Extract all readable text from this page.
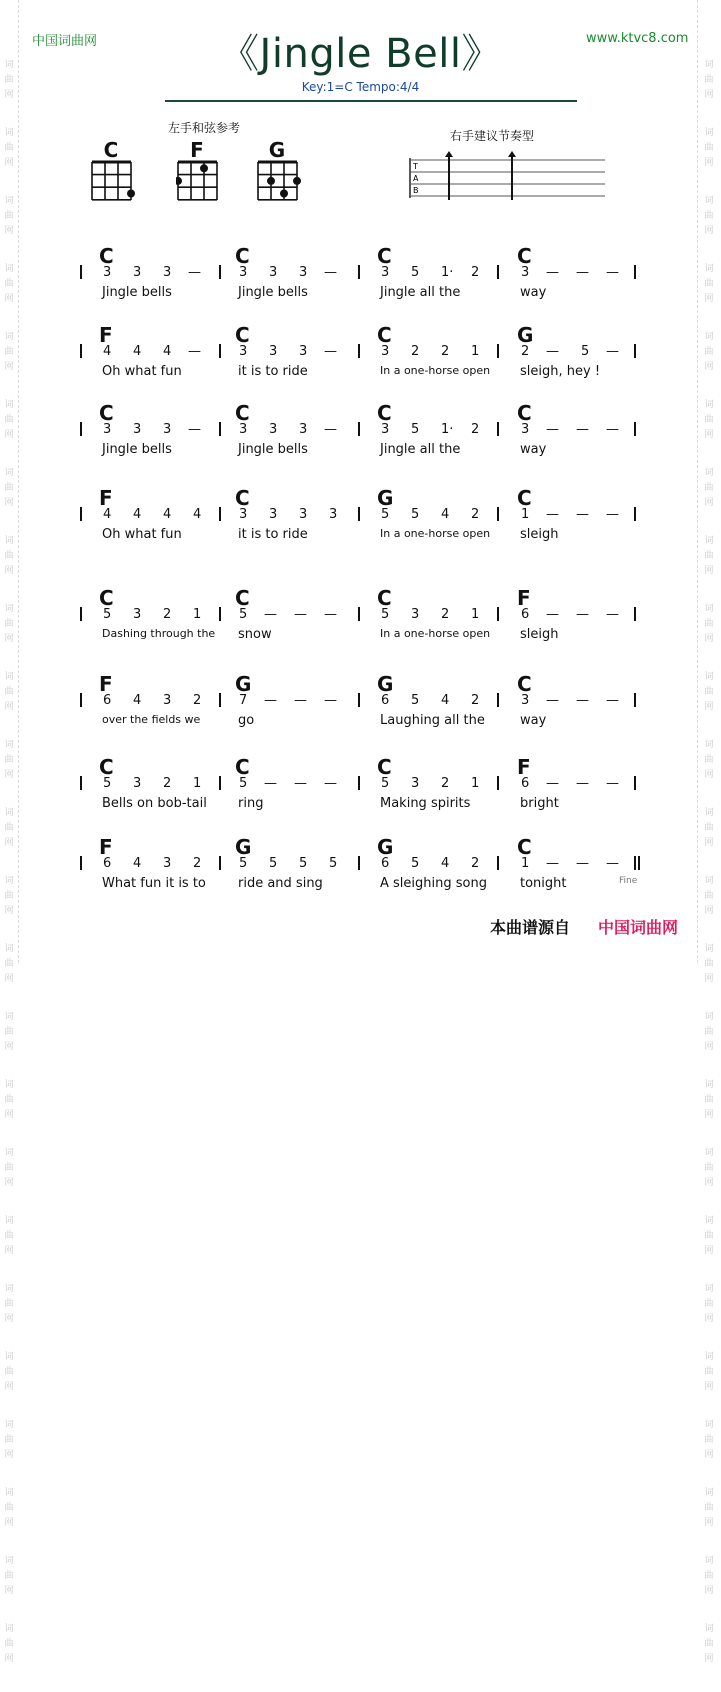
词
曲
网
词
曲
网
词
曲
网
词
曲
网
词
曲
网
词
曲
网
词
曲
网
词
曲
网
词
曲
网
词
曲
网
词
曲
网
词
曲
网
词
曲
网
词
曲
网
词
曲
网
词
曲
网
词
曲
网
词
曲
网
词
曲
网
词
曲
网
词
曲
网
词
曲
网
词
曲
网
词
曲
网
词
曲
网
词
曲
网
词
曲
网
词
曲
网
词
曲
网
词
曲
网
词
曲
网
词
曲
网
词
曲
网
词
曲
网
词
曲
网
词
曲
网
词
曲
网
词
曲
网
词
曲
网
词
曲
网
词
曲
网
词
曲
网
词
曲
网
词
曲
网
词
曲
网
词
曲
网
词
曲
网
词
曲
网
中国词曲网	www.ktvc8.com
《Jingle Bell》
Key:1=C Tempo:4/4
左手和弦参考
C	F	G
右手建议节奏型
T
A
B
C
3 3 3 —
Jingle bells
C
3 3 3 —
Jingle bells
C
3 5 1· 2
Jingle all the
C
3 — — —
way
F
4 4 4 —
Oh what fun
C
3 3 3 —
it is to ride
C
3 2 2 1
In a one-horse open
G
2 — 5 —
sleigh, hey !
C
3 3 3 —
Jingle bells
C
3 3 3 —
Jingle bells
C
3 5 1· 2
Jingle all the
C
3 — — —
way
F
4 4 4 4
Oh what fun
C
3 3 3 3
it is to ride
G
5 5 4 2
In a one-horse open
C
1 — — —
sleigh
C
5 3 2 1
Dashing through the
C
5 — — —
snow
C
5 3 2 1
In a one-horse open
F
6 — — —
sleigh
F
6 4 3 2
over the fields we
G
7 — — —
go
G
6 5 4 2
Laughing all the
C
3 — — —
way
C
5 3 2 1
Bells on bob-tail
C
5 — — —
ring
C
5 3 2 1
Making spirits
F
6 — — —
bright
F
6 4 3 2
What fun it is to
G
5 5 5 5
ride and sing
G
6 5 4 2
A sleighing song
C
1 — — —
tonight	Fine
本曲谱源自 中国词曲网
